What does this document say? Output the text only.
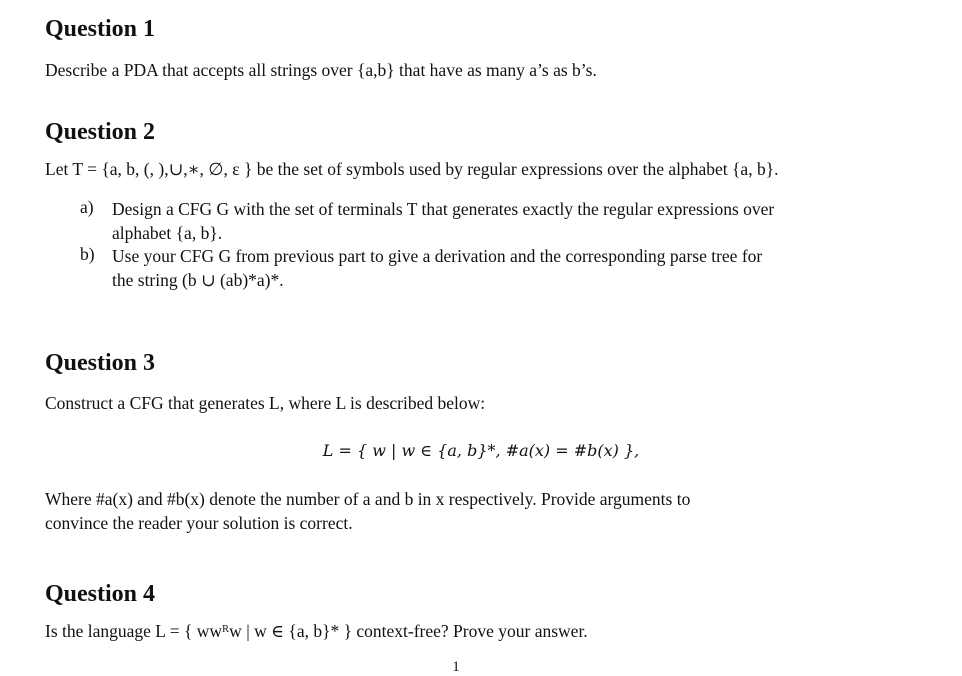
Question 1

Describe a PDA that accepts all strings over {a,b} that have as many a’s as b’s.

Question 2

Let T = {a, b, (, ),∪,∗, ∅, ε } be the set of symbols used by regular expressions over the alphabet {a, b}.

a) Design a CFG G with the set of terminals T that generates exactly the regular expressions over
alphabet {a, b}.
b) Use your CFG G from previous part to give a derivation and the corresponding parse tree for
the string (b ∪ (ab)*a)*.
Question 3

Construct a CFG that generates L, where L is described below:

L = { w | w ∈ {a, b}*, #a(x) = #b(x) },

Where #a(x) and #b(x) denote the number of a and b in x respectively. Provide arguments to

convince the reader your solution is correct.

Question 4

Is the language L = { wwᴿw | w ∈ {a, b}* } context-free? Prove your answer.

1
